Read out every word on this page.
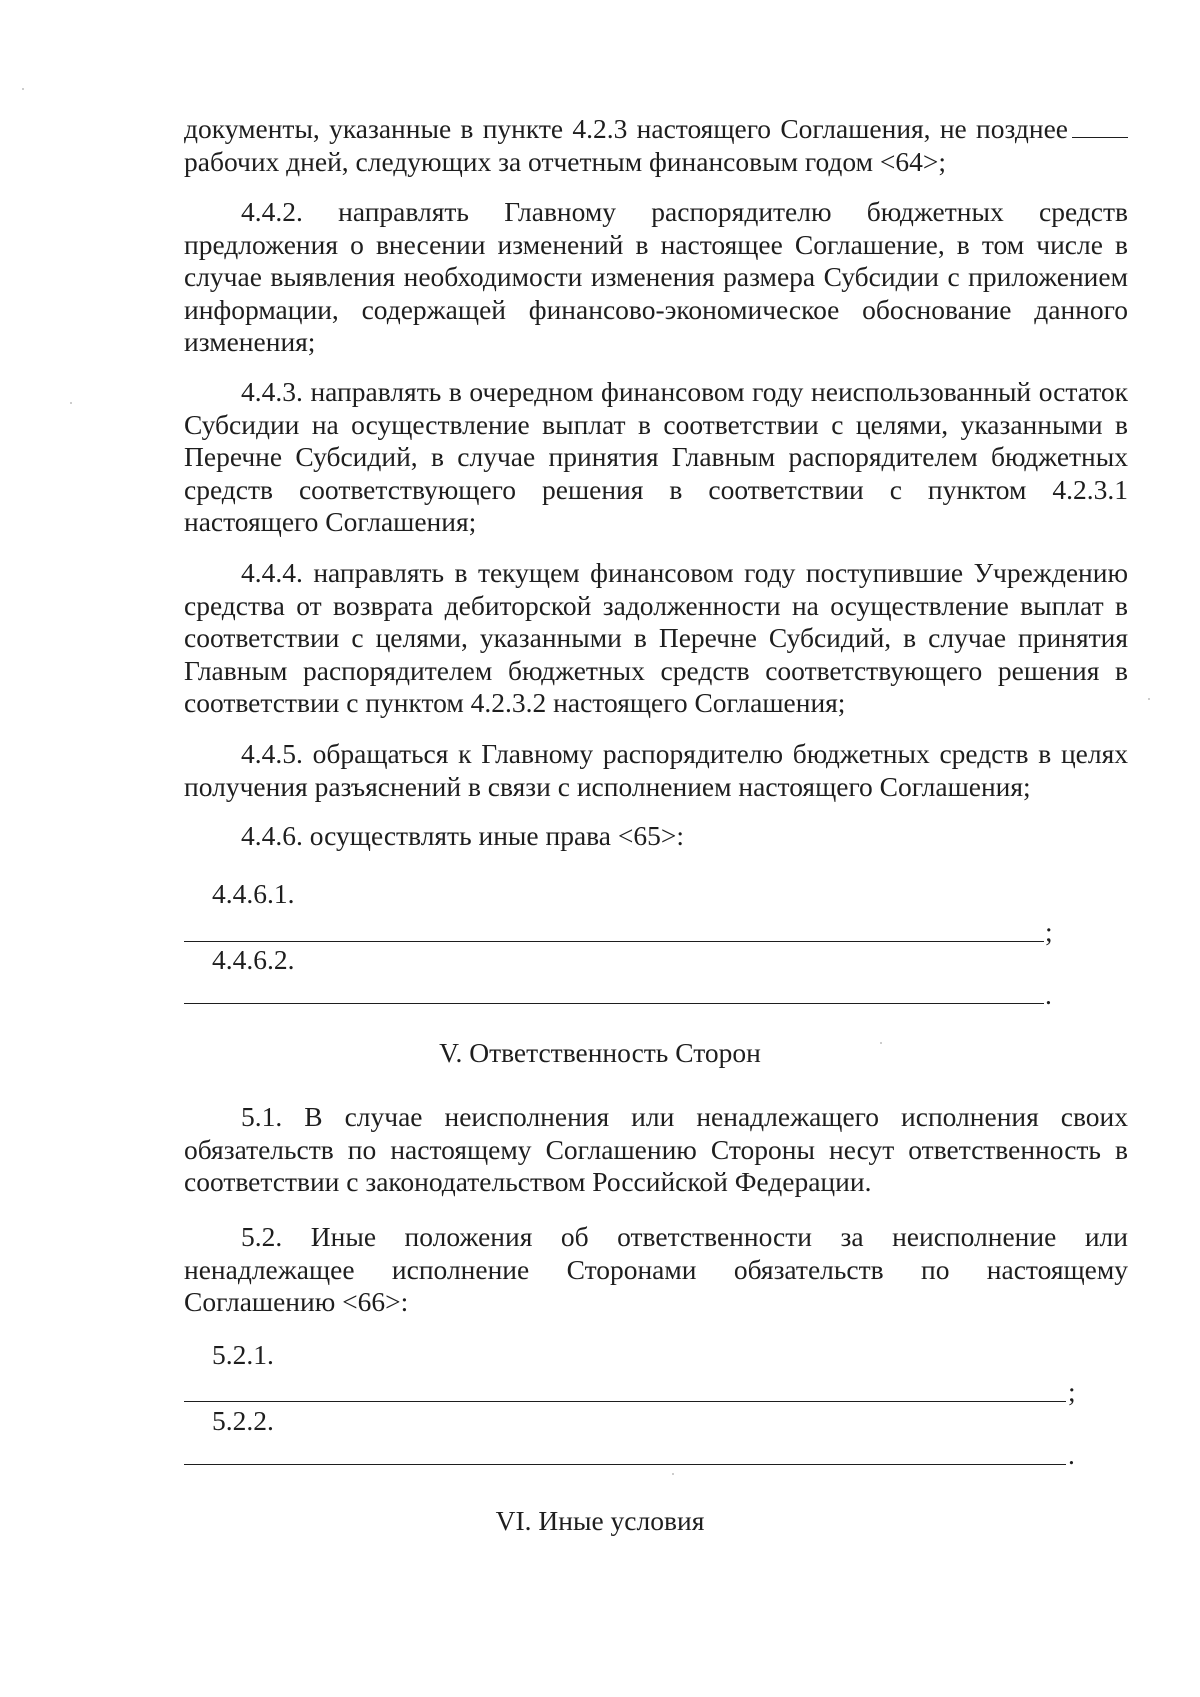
документы, указанные в пункте 4.2.3 настоящего Соглашения, не позднее рабочих дней, следующих за отчетным финансовым годом <64>;

4.4.2. направлять Главному распорядителю бюджетных средств предложения о внесении изменений в настоящее Соглашение, в том числе в случае выявления необходимости изменения размера Субсидии с приложением информации, содержащей финансово-экономическое обоснование данного изменения;

4.4.3. направлять в очередном финансовом году неиспользованный остаток Субсидии на осуществление выплат в соответствии с целями, указанными в Перечне Субсидий, в случае принятия Главным распорядителем бюджетных средств соответствующего решения в соответствии с пунктом 4.2.3.1 настоящего Соглашения;

4.4.4. направлять в текущем финансовом году поступившие Учреждению средства от возврата дебиторской задолженности на осуществление выплат в соответствии с целями, указанными в Перечне Субсидий, в случае принятия Главным распорядителем бюджетных средств соответствующего решения в соответствии с пунктом 4.2.3.2 настоящего Соглашения;

4.4.5. обращаться к Главному распорядителю бюджетных средств в целях получения разъяснений в связи с исполнением настоящего Соглашения;

4.4.6. осуществлять иные права <65>:

4.4.6.1.

;

4.4.6.2.

.

V. Ответственность Сторон

5.1. В случае неисполнения или ненадлежащего исполнения своих обязательств по настоящему Соглашению Стороны несут ответственность в соответствии с законодательством Российской Федерации.

5.2. Иные положения об ответственности за неисполнение или ненадлежащее исполнение Сторонами обязательств по настоящему Соглашению <66>:

5.2.1.

;

5.2.2.

.

VI. Иные условия
